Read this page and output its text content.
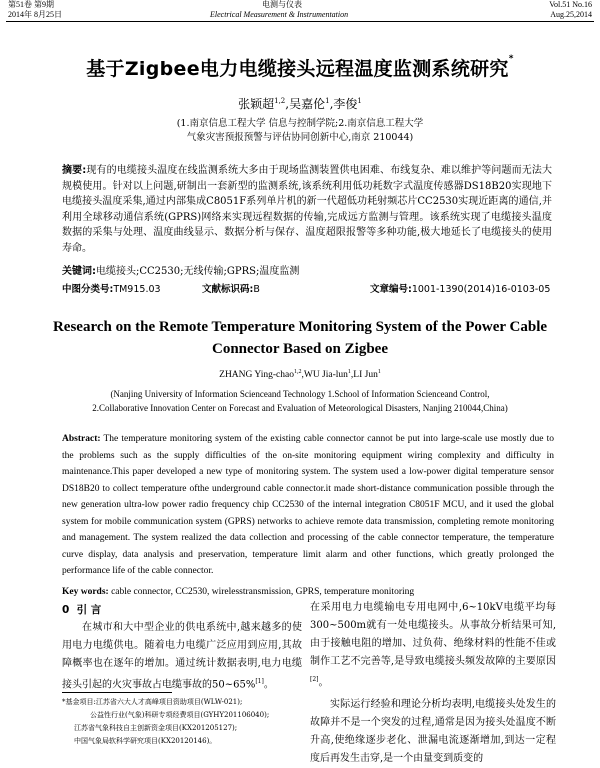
第51卷 第9期
2014年 8月25日
电测与仪表
Electrical Measurement & Instrumentation
Vol.51 No.16
Aug.25,2014
基于Zigbee电力电缆接头远程温度监测系统研究*
张颖超$^{1,2}$,吴嘉伦$^1$,李俊$^1$
(1.南京信息工程大学 信息与控制学院;2.南京信息工程大学
气象灾害预报预警与评估协同创新中心,南京 210044)
摘要:现有的电缆接头温度在线监测系统大多由于现场监测装置供电困难、布线复杂、难以维护等问题而无法大规模使用。针对以上问题,研制出一套新型的监测系统,该系统利用低功耗数字式温度传感器DS18B20实现地下电缆接头温度采集,通过内部集成C8051F系列单片机的新一代超低功耗射频芯片CC2530实现近距离的通信,并利用全球移动通信系统(GPRS)网络来实现远程数据的传输,完成远方监测与管理。该系统实现了电缆接头温度数据的采集与处理、温度曲线显示、数据分析与保存、温度超限报警等多种功能,极大地延长了电缆接头的使用寿命。
关键词:电缆接头;CC2530;无线传输;GPRS;温度监测
中图分类号:TM915.03	文献标识码:B	文章编号:1001-1390(2014)16-0103-05
Research on the Remote Temperature Monitoring System of the Power Cable
Connector Based on Zigbee
ZHANG Ying-chao$^{1,2}$,WU Jia-lun$^1$,LI Jun$^1$
(Nanjing University of Information Scienceand Technology 1.School of Information Scienceand Control,
2.Collaborative Innovation Center on Forecast and Evaluation of Meteorological Disasters, Nanjing 210044,China)
Abstract: The temperature monitoring system of the existing cable connector cannot be put into large-scale use mostly due to the problems such as the supply difficulties of the on-site monitoring equipment wiring complexity and difficulty in maintenance.This paper developed a new type of monitoring system. The system used a low-power digital temperature sensor DS18B20 to collect temperature ofthe underground cable connector.it made short-distance communication possible through the new generation ultra-low power radio frequency chip CC2530 of the internal integration C8051F MCU, and it used the global system for mobile communication system (GPRS) networks to achieve remote data transmission, completing remote monitoring and management. The system realized the data collection and processing of the cable connector temperature, the temperature curve display, data analysis and preservation, temperature limit alarm and other functions, which greatly prolonged the performance life of the cable connector.
Key words: cable connector, CC2530, wirelesstransmission, GPRS, temperature monitoring
0 引 言
在城市和大中型企业的供电系统中,越来越多的使用电力电缆供电。随着电力电缆广泛应用到应用,其故障概率也在逐年的增加。通过统计数据表明,电力电缆接头引起的火灾事故占电缆事故的50~65%[1]。
*基金项目:江苏省六大人才高峰项目资助项目(WLW-021);
公益性行业(气象)科研专项经费项目(GYHY201106040);
江苏省气象科技自主创新资金项目(KX201205127);
中国气象局软科学研究项目(KX20120146)。

在采用电力电缆输电专用电网中,6~10kV电缆平均每300~500m就有一处电缆接头。从事故分析结果可知,由于接触电阻的增加、过负荷、绝缘材料的性能不佳或制作工艺不完善等,是导致电缆接头频发故障的主要原因[2]。

实际运行经验和理论分析均表明,电缆接头处发生的故障并不是一个突发的过程,通常是因为接头处温度不断升高,使绝缘逐步老化、泄漏电流逐渐增加,到达一定程度后再发生击穿,是一个由量变到质变的
